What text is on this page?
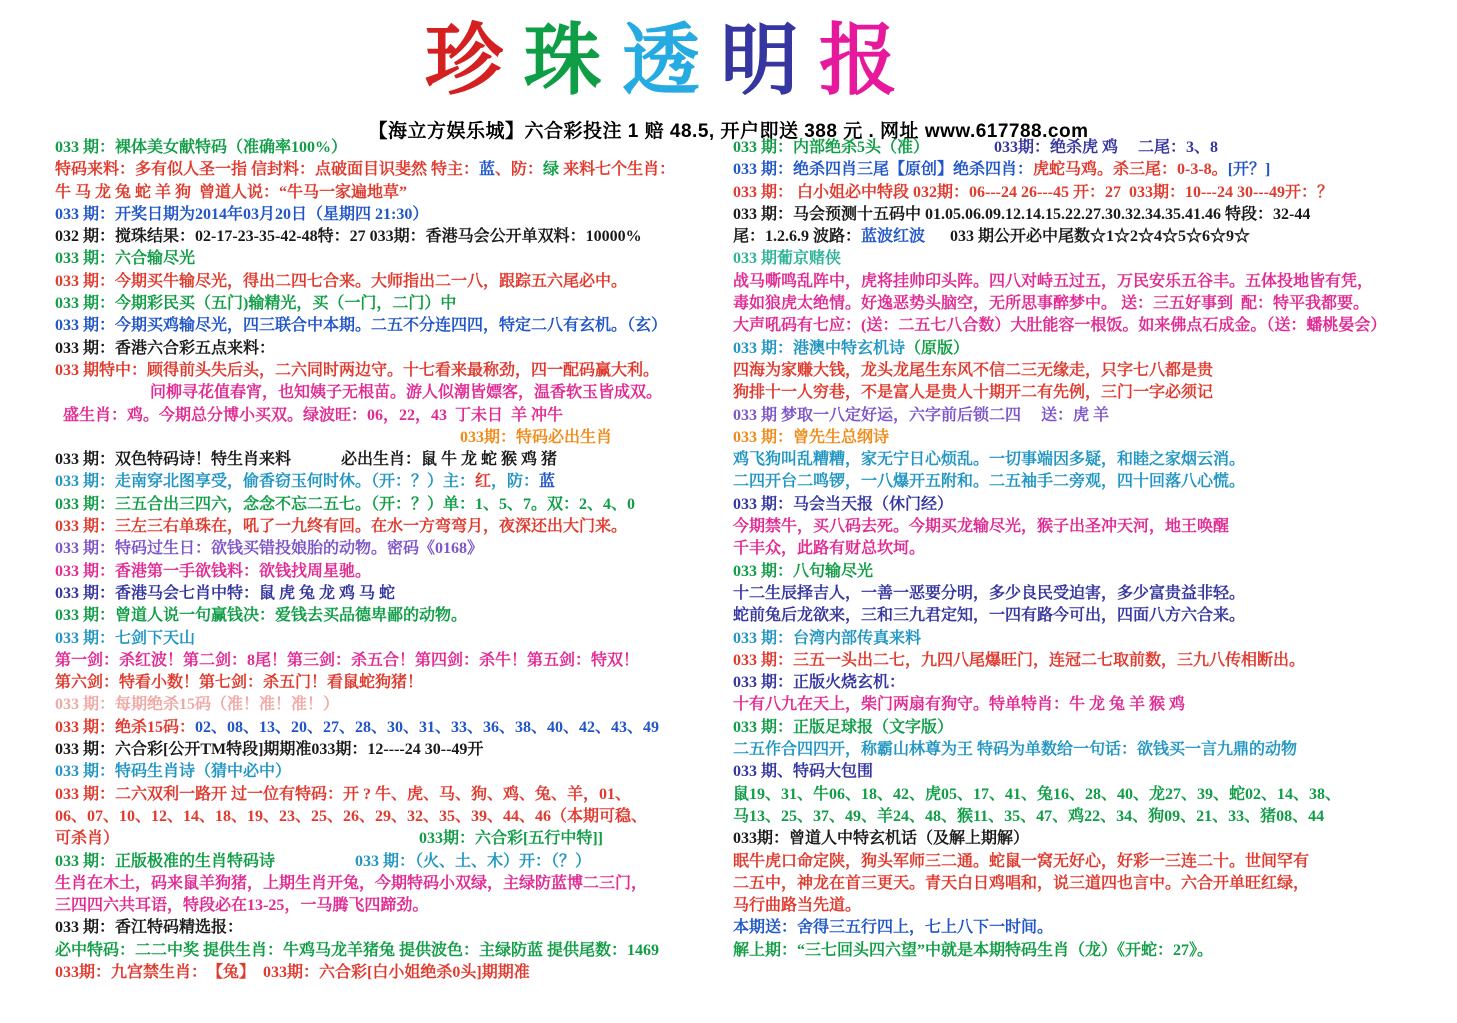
珍 珠 透 明 报
【海立方娱乐城】六合彩投注 1 赔 48.5, 开户即送 388 元 . 网址 www.617788.com
033 期：裸体美女献特码（准确率100%）
特码来料：多有似人圣一指 信封料：点破面目识斐然 特主： 蓝 、防： 绿 来料七个生肖：
牛 马 龙 兔 蛇 羊 狗  曾道人说：“牛马一家遍地草”
033 期：开奖日期为2014年03月20日（星期四 21:30）
032 期：搅珠结果：02-17-23-35-42-48特：27 033期：香港马会公开单双料：10000%
033 期：六合输尽光
033 期：今期买牛输尽光，得出二四七合来。大师指出二一八，跟踪五六尾必中。
033 期：今期彩民买（五门)输精光，买（一门，二门）中
033 期：今期买鸡输尽光，四三联合中本期。二五不分连四四，特定二八有玄机。（玄）
033 期：香港六合彩五点来料：
033 期特中：顾得前头失后头，二六同时两边守。十七看来最称劲，四一配码赢大利。
问柳寻花值春宵，也知姨子无根苗。游人似潮皆嫖客，温香软玉皆成双。
盛生肖：鸡。今期总分博小买双。绿波旺：06，22，43  丁未日  羊 冲牛
033期：特码必出生肖
033 期：双色特码诗！特生肖来料	必出生肖：鼠 牛 龙 蛇 猴 鸡 猪
033 期：走南穿北图享受，偷香窃玉何时休。（开：？）主： 红 ，防： 蓝
033 期：三五合出三四六，念念不忘二五七。（开：？）单：1、5、7。双：2、4、0
033 期：三左三右单珠在，吼了一九终有回。在水一方弯弯月，夜深还出大门来。
033 期：特码过生日：欲钱买错投娘胎的动物。密码《0168》
033 期：香港第一手欲钱料：欲钱找周星驰。
033 期：香港马会七肖中特：鼠 虎 兔 龙 鸡 马 蛇
033 期：曾道人说一句赢钱决：爱钱去买品德卑鄙的动物。
033 期：七剑下天山
第一剑：杀红波！第二剑：8尾！第三剑：杀五合！第四剑：杀牛！第五剑：特双！
第六剑：特看小数！第七剑：杀五门！看鼠蛇狗猪！
033 期：每期绝杀15码（准！准！准！）
033 期：绝杀15码： 02、08、13、20、27、28、30、31、33、36、38、40、42、43、49
033 期：六合彩[公开TM特段]期期准033期：12----24 30--49开
033 期：特码生肖诗（猜中必中）
033 期：二六双利一路开 过一位有特码：开 ? 牛、虎、马、狗、鸡、兔、羊，01、
06、07、10、12、14、18、19、23、25、26、29、32、35、39、44、46（本期可稳、
可杀肖）	033期：六合彩[五行中特]]
033 期：正版极准的生肖特码诗	033 期：（火、土、木）开：（？）
生肖在木土，码来鼠羊狗猪，上期生肖开兔，今期特码小双绿，主绿防蓝博二三门，
三四四六共耳语，特段必在13-25，一马腾飞四蹄劲。
033 期：香江特码精选报：
必中特码：二二中奖 提供生肖：牛鸡马龙羊猪兔 提供波色：主绿防蓝 提供尾数：1469
033期：九宫禁生肖： 【兔】 033期：六合彩[白小姐绝杀0头]期期准
033 期：内部绝杀5头（准）	033期：绝杀虎 鸡　 二尾：3、8
033 期：绝杀四肖三尾【原创】绝杀四肖： 虎蛇马鸡。杀三尾：0-3-8。 [开？]
033 期： 白小姐必中特段 032期：06---24 26---45 开：27  033期：10---24 30---49开：？
033 期：马会预测十五码中 01.05.06.09.12.14.15.22.27.30.32.34.35.41.46 特段：32-44
尾：1.2.6.9 波路： 蓝波红波 033 期公开必中尾数☆1☆2☆4☆5☆6☆9☆
033 期葡京赌侠
战马嘶鸣乱阵中，虎将挂帅印头阵。四八对峙五过五，万民安乐五谷丰。五体投地皆有凭，
毒如狼虎太绝情。好逸恶势头脑空，无所思事醉梦中。 送：三五好事到  配：特平我都要。
大声吼码有七应：(送：二五七八合数）大肚能容一根饭。如来佛点石成金。（送：蟠桃晏会）
033 期：港澳中特玄机诗 （原版）
四海为家赚大钱，龙头龙尾生东风不信二三无缘走，只字七八都是贵
狗排十一人穷巷，不是富人是贵人十期开二有先例，三门一字必须记
033 期 梦取一八定好运，六字前后锁二四　 送：虎 羊
033 期：曾先生总纲诗
鸡飞狗叫乱糟糟，家无宁日心烦乱。一切事端因多疑，和睦之家烟云消。
二四开台二鸣锣，一八爆开五附和。二五袖手二旁观，四十回落八心慌。
033 期：马会当天报（休门经）
今期禁牛，买八码去死。今期买龙输尽光，猴子出圣冲天河，地王唤醒
千丰众，此路有财总坎坷。
033 期：八句输尽光
十二生辰择吉人，一善一恶要分明，多少良民受迫害，多少富贵益非轻。
蛇前兔后龙欲来，三和三九君定知，一四有路今可出，四面八方六合来。
033 期：台湾内部传真来料
033 期：三五一头出二七，九四八尾爆旺门，连冠二七取前数，三九八传相断出。
033 期：正版火烧玄机：
十有八九在天上，柴门两扇有狗守。特单特肖：牛 龙 兔 羊 猴 鸡
033 期：正版足球报（文字版）
二五作合四四开，称霸山林尊为王 特码为单数给一句话：欲钱买一言九鼎的动物
033 期、特码大包围
鼠19、31、牛06、18、42、虎05、17、41、兔16、28、40、龙27、39、蛇02、14、38、
马13、25、37、49、羊24、48、猴11、35、47、鸡22、34、狗09、21、33、猪08、44
033期：曾道人中特玄机话（及解上期解）
眠牛虎口命定陕，狗头军师三二通。蛇鼠一窝无好心，好彩一三连二十。世间罕有
二五中，神龙在首三更天。青天白日鸡唱和，说三道四也言中。六合开单旺红绿，
马行曲路当先道。
本期送：舍得三五行四上，七上八下一时间。
解上期：“三七回头四六望”中就是本期特码生肖（龙）《开蛇：27》。
